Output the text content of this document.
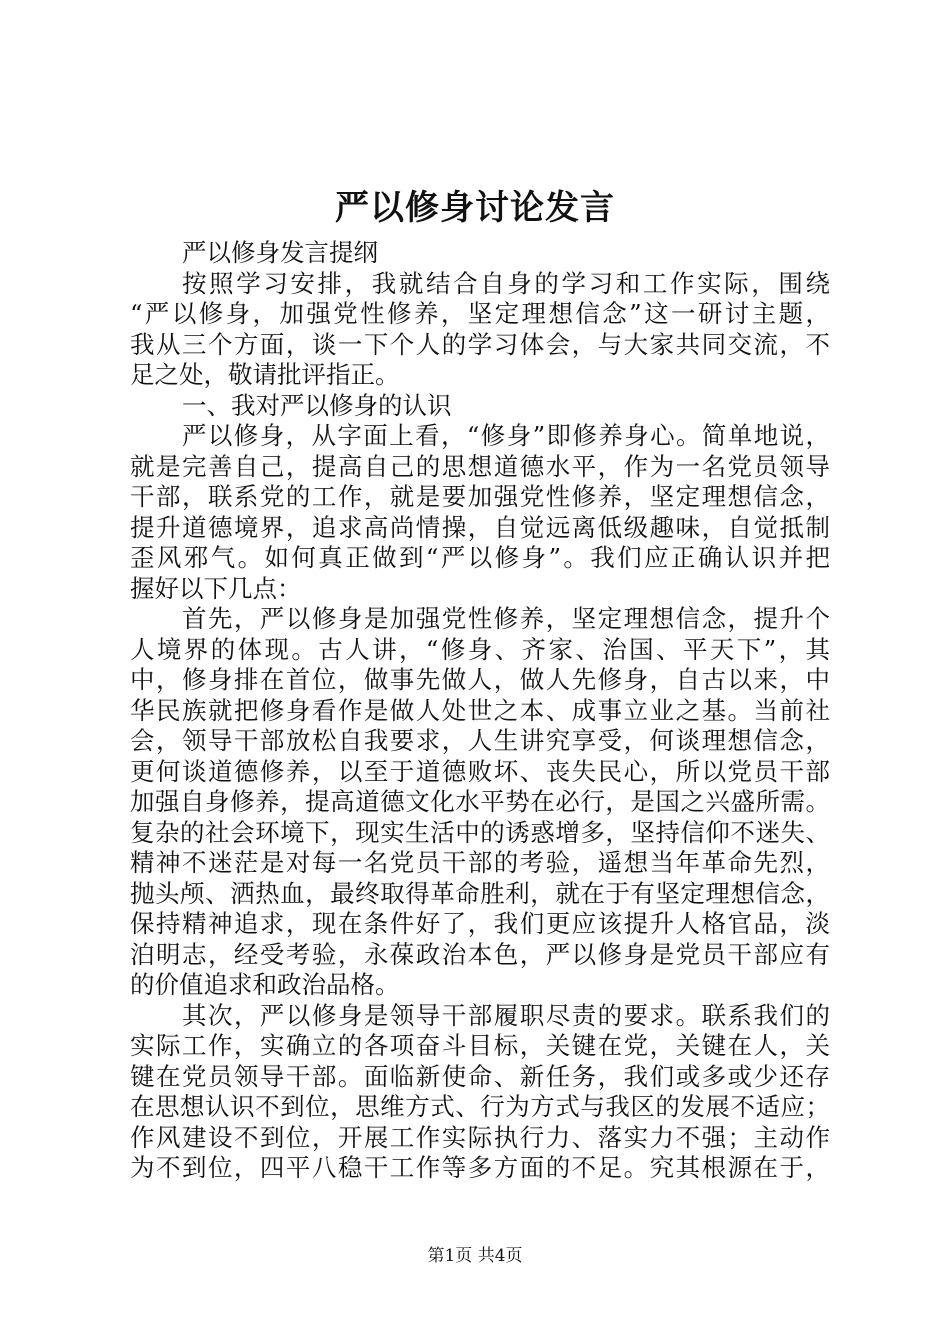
严以修身讨论发言
严以修身发言提纲
按照学习安排，我就结合自身的学习和工作实际，围绕
“严以修身，加强党性修养，坚定理想信念”这一研讨主题，
我从三个方面，谈一下个人的学习体会，与大家共同交流，不
足之处，敬请批评指正。
一、我对严以修身的认识
严以修身，从字面上看，“修身”即修养身心。简单地说，
就是完善自己，提高自己的思想道德水平，作为一名党员领导
干部，联系党的工作，就是要加强党性修养，坚定理想信念，
提升道德境界，追求高尚情操，自觉远离低级趣味，自觉抵制
歪风邪气。如何真正做到“严以修身”。我们应正确认识并把
握好以下几点：
首先，严以修身是加强党性修养，坚定理想信念，提升个
人境界的体现。古人讲，“修身、齐家、治国、平天下”，其
中，修身排在首位，做事先做人，做人先修身，自古以来，中
华民族就把修身看作是做人处世之本、成事立业之基。当前社
会，领导干部放松自我要求，人生讲究享受，何谈理想信念，
更何谈道德修养，以至于道德败坏、丧失民心，所以党员干部
加强自身修养，提高道德文化水平势在必行，是国之兴盛所需。
复杂的社会环境下，现实生活中的诱惑增多，坚持信仰不迷失、
精神不迷茫是对每一名党员干部的考验，遥想当年革命先烈，
抛头颅、洒热血，最终取得革命胜利，就在于有坚定理想信念，
保持精神追求，现在条件好了，我们更应该提升人格官品，淡
泊明志，经受考验，永葆政治本色，严以修身是党员干部应有
的价值追求和政治品格。
其次，严以修身是领导干部履职尽责的要求。联系我们的
实际工作，实确立的各项奋斗目标，关键在党，关键在人，关
键在党员领导干部。面临新使命、新任务，我们或多或少还存
在思想认识不到位，思维方式、行为方式与我区的发展不适应；
作风建设不到位，开展工作实际执行力、落实力不强；主动作
为不到位，四平八稳干工作等多方面的不足。究其根源在于，
第1页 共4页
